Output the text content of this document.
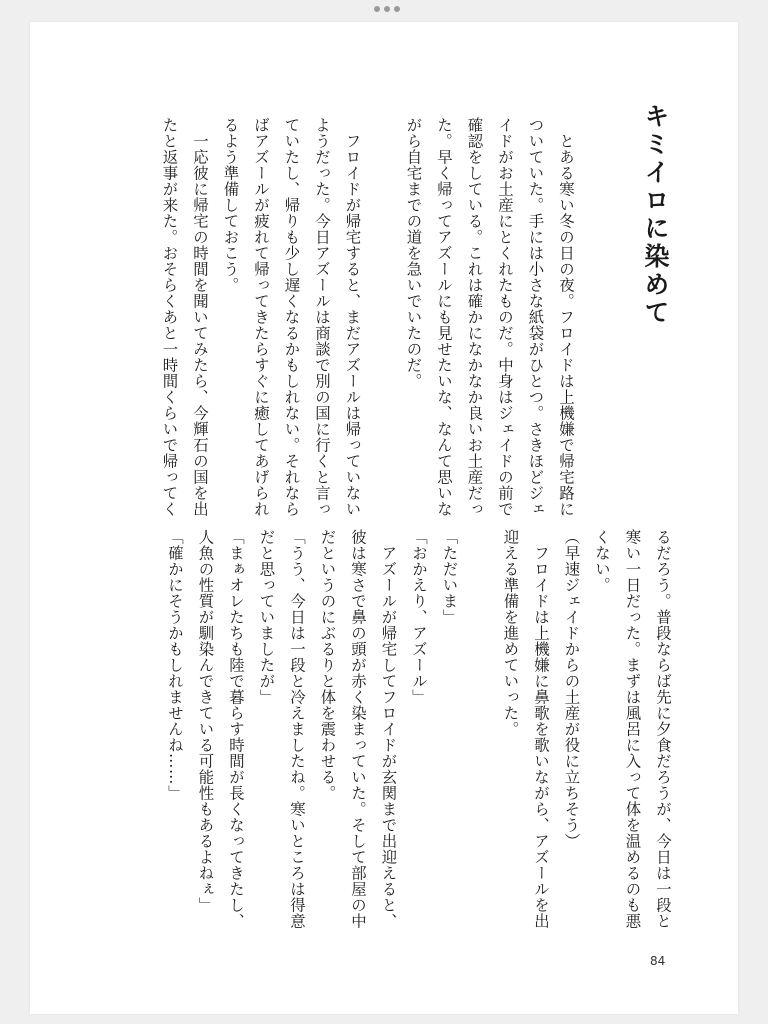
キミイロに染めて

　とある寒い冬の日の夜。フロイドは上機嫌で帰宅路に

ついていた。手には小さな紙袋がひとつ。さきほどジェ

イドがお土産にとくれたものだ。中身はジェイドの前で

確認をしている。これは確かになかなか良いお土産だっ

た。早く帰ってアズールにも見せたいな、なんて思いな

がら自宅までの道を急いでいたのだ。

　フロイドが帰宅すると、まだアズールは帰っていない

ようだった。今日アズールは商談で別の国に行くと言っ

ていたし、帰りも少し遅くなるかもしれない。それなら

ばアズールが疲れて帰ってきたらすぐに癒してあげられ

るよう準備しておこう。

　一応彼に帰宅の時間を聞いてみたら、今輝石の国を出

たと返事が来た。おそらくあと一時間くらいで帰ってく

るだろう。普段ならば先に夕食だろうが、今日は一段と

寒い一日だった。まずは風呂に入って体を温めるのも悪

くない。

（早速ジェイドからの土産が役に立ちそう）

　フロイドは上機嫌に鼻歌を歌いながら、アズールを出

迎える準備を進めていった。

「ただいま」

「おかえり、アズール」

　アズールが帰宅してフロイドが玄関まで出迎えると、

彼は寒さで鼻の頭が赤く染まっていた。そして部屋の中

だというのにぶるりと体を震わせる。

「うう、今日は一段と冷えましたね。寒いところは得意

だと思っていましたが」

「まぁオレたちも陸で暮らす時間が長くなってきたし、

人魚の性質が馴染んできている可能性もあるよねぇ」

「確かにそうかもしれませんね……」

84
